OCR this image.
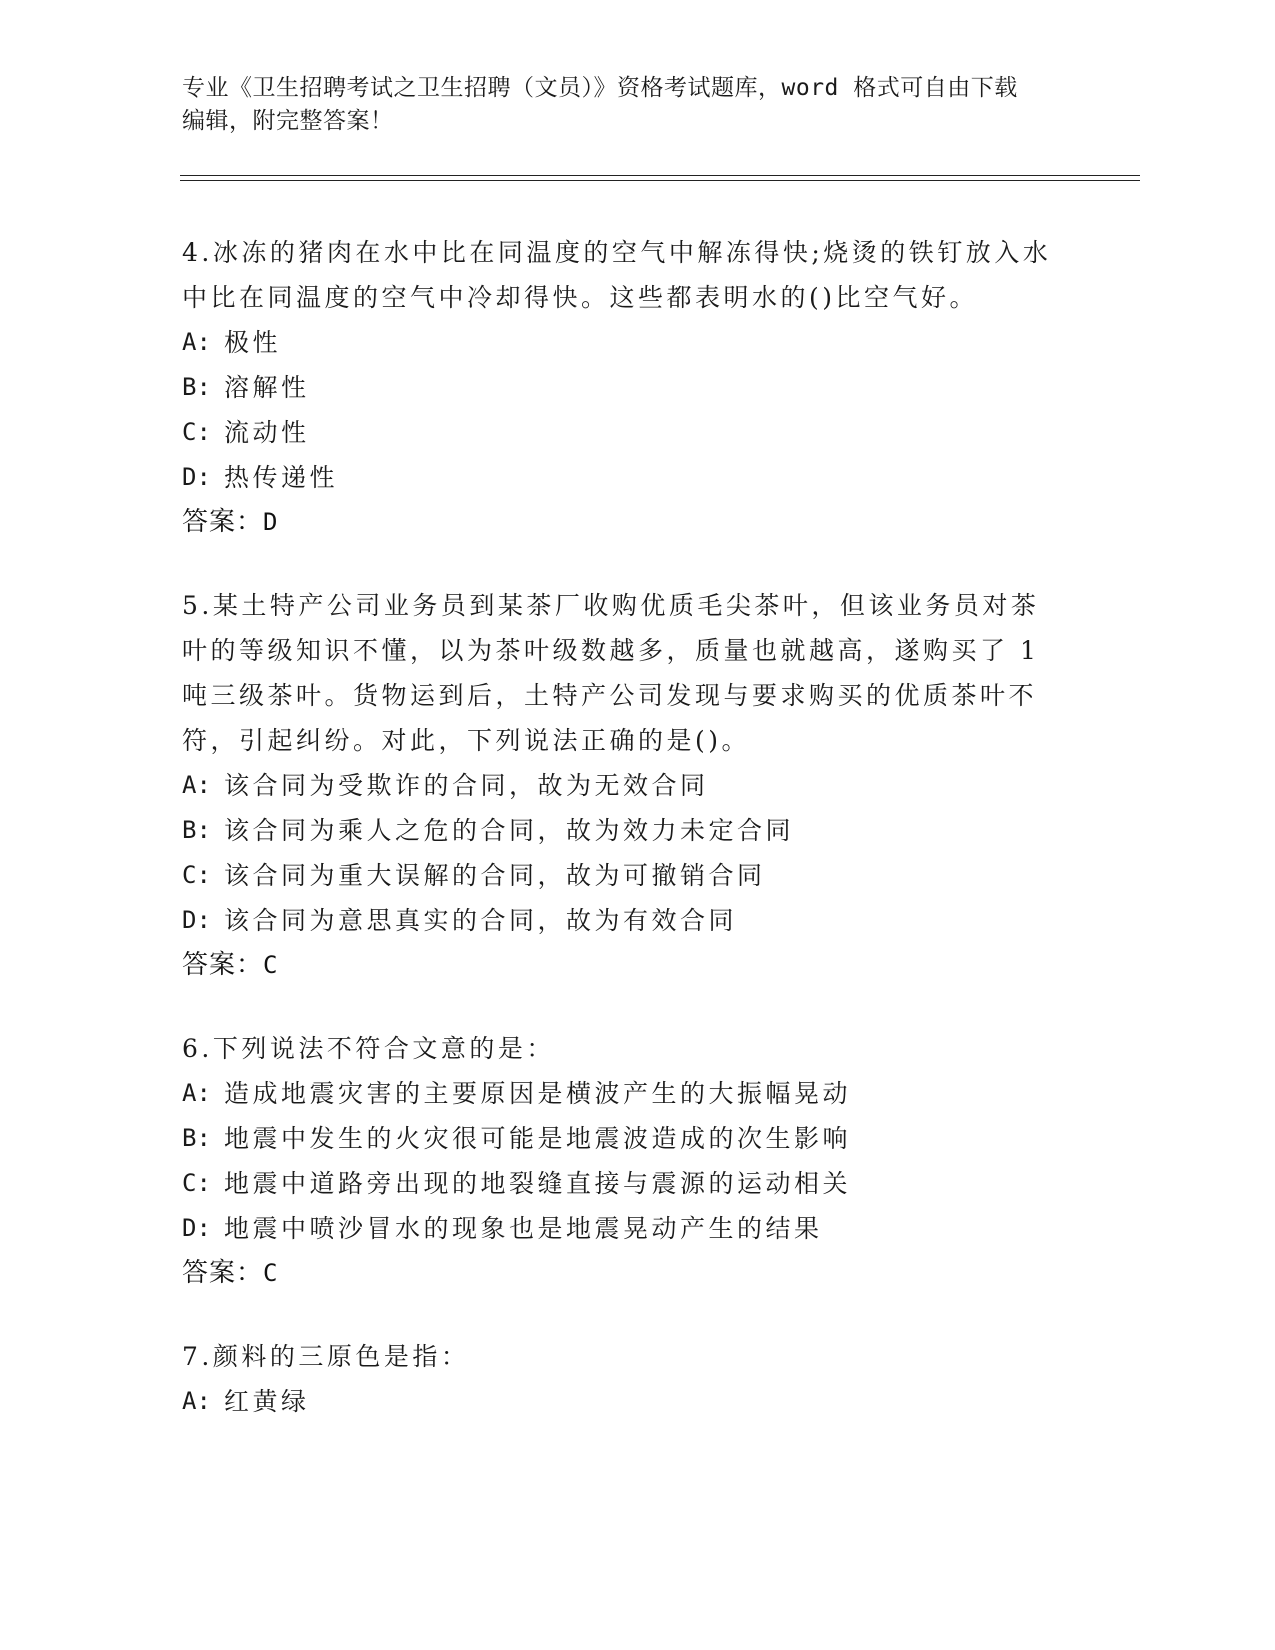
专业《卫生招聘考试之卫生招聘（文员）》资格考试题库，word 格式可自由下载
编辑，附完整答案！

4.冰冻的猪肉在水中比在同温度的空气中解冻得快;烧烫的铁钉放入水中比在同温度的空气中冷却得快。这些都表明水的()比空气好。

A: 极性
B: 溶解性
C: 流动性
D: 热传递性
答案：D

5.某土特产公司业务员到某茶厂收购优质毛尖茶叶，但该业务员对茶叶的等级知识不懂，以为茶叶级数越多，质量也就越高，遂购买了 1 吨三级茶叶。货物运到后，土特产公司发现与要求购买的优质茶叶不符，引起纠纷。对此，下列说法正确的是()。

A: 该合同为受欺诈的合同，故为无效合同
B: 该合同为乘人之危的合同，故为效力未定合同
C: 该合同为重大误解的合同，故为可撤销合同
D: 该合同为意思真实的合同，故为有效合同
答案：C

6.下列说法不符合文意的是：

A: 造成地震灾害的主要原因是横波产生的大振幅晃动
B: 地震中发生的火灾很可能是地震波造成的次生影响
C: 地震中道路旁出现的地裂缝直接与震源的运动相关
D: 地震中喷沙冒水的现象也是地震晃动产生的结果
答案：C

7.颜料的三原色是指：

A: 红黄绿
